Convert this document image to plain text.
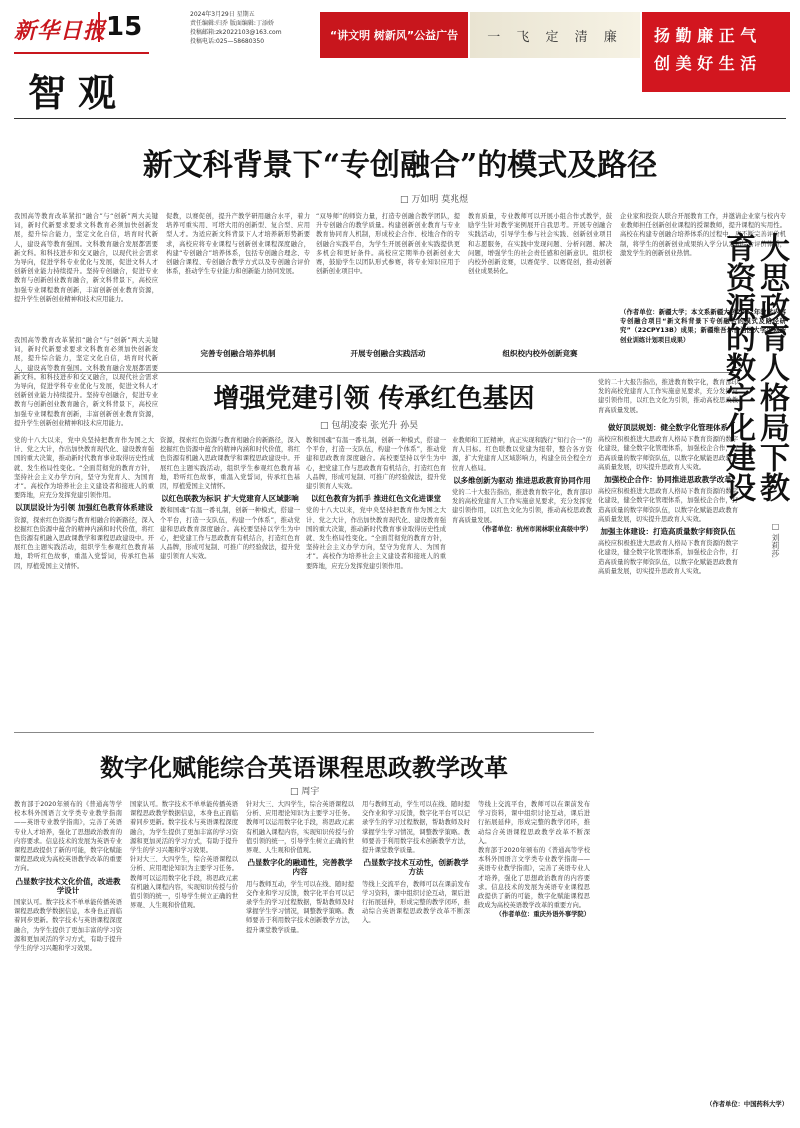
新华日报 15
智观
2024年3月29日 星期五
责任编辑:归乔 版面编辑:丁添娇
投稿邮箱:zk2022103@163.com
投稿电话:025—58680350	“讲文明 树新风”公益广告	一 飞 定 清 廉	扬 勤 廉 正 气
创 美 好 生 活
新文科背景下“专创融合”的模式及路径
□ 万如明 莫兆煜
我国高等教育改革紧扣“融合”与“创新”两大关键词，新时代新要求要求文科教育必须加快创新发展，提升综合能力，坚定文化自信，培育时代新人，建设高等教育强国。文科教育融合发展都需要新文科。和科技进步和交叉融合，以现代社会需求为导向，促进学科专业优化与发展，促进文科人才创新创业能力持续提升。坚持专创融合，促进专业教育与创新创业教育融合，新文科背景下，高校应加强专业课程教育创新，丰富创新创业教育资源，提升学生创新创业精神和技术应用能力。
促教，以赛促创，提升产教学研用融合水平，着力培养可重实用、可塔大用的创新型、复合型、应用型人才。为适应新文科背景下人才培养新形势新要求，高校应将专业课程与创新创业课程深度融合，构建“专创融合”培养体系，包括专创融合理念、专创融合课程、专创融合教学方式以及专创融合评价体系，推动学生专业能力和创新能力协同发展。
“双导师”的师资力量，打造专创融合教学团队，提升专创融合的教学质量。构建创新创业教育与专业教育协同育人机制，形成校企合作、校地合作的专创融合实践平台，为学生开展创新创业实践提供更多机会和更好条件。高校应定期举办创新创业大赛，鼓励学生以团队形式参赛，将专业知识应用于创新创业项目中。
教育质量，专业教师可以开展小组合作式教学，鼓励学生针对教学案例展开自我思考。开展专创融合实践活动，引导学生参与社会实践、创新创业项目和志愿服务，在实践中发现问题、分析问题、解决问题，增强学生的社会责任感和创新意识。组织校内校外创新竞赛，以赛促学、以赛促创，推动创新创业成果转化。
企业家和投资人联合开展教育工作，并邀请企业家与校内专业教师担任创新创业课程的授课教师，提升课程的实用性。高校在构建专创融合培养体系的过程中，应不断完善评价机制，将学生的创新创业成果纳入学分认定和综合评价体系，激发学生的创新创业热情。
（作者单位：新疆大学；本文系新疆大学2022年教学内容专创融合项目“新文科背景下专创融合的模式及路径研究”（22CPY13B）成果；新疆维吾尔自治区大学生创新创业训练计划项目成果）
完善专创融合培养机制	开展专创融合实践活动	组织校内校外创新竞赛
我国高等教育改革紧扣“融合”与“创新”两大关键词，新时代新要求要求文科教育必须加快创新发展，提升综合能力，坚定文化自信，培育时代新人，建设高等教育强国。文科教育融合发展都需要新文科。和科技进步和交叉融合，以现代社会需求为导向，促进学科专业优化与发展，促进文科人才创新创业能力持续提升。坚持专创融合，促进专业教育与创新创业教育融合，新文科背景下，高校应加强专业课程教育创新，丰富创新创业教育资源，提升学生创新创业精神和技术应用能力。
增强党建引领 传承红色基因
□ 包胡凌泰 张光升 孙昊
党的十八大以来，党中央坚持把教育作为国之大计、党之大计，作出加快教育现代化、建设教育强国的重大决策，推动新时代教育事业取得历史性成就、发生格局性变化。“全面贯彻党的教育方针，坚持社会主义办学方向，坚守为党育人、为国育才”。高校作为培养社会主义建设者和接班人的重要阵地，应充分发挥党建引领作用。
以顶层设计为引领 加强红色教育体系建设
资源，探索红色资源与教育相融合的新路径，深入挖掘红色资源中蕴含的精神内涵和时代价值，将红色资源有机融入思政课教学和课程思政建设中。开展红色主题实践活动，组织学生参观红色教育基地，聆听红色故事，重温入党誓词，传承红色基因，厚植爱国主义情怀。
资源，探索红色资源与教育相融合的新路径，深入挖掘红色资源中蕴含的精神内涵和时代价值，将红色资源有机融入思政课教学和课程思政建设中。开展红色主题实践活动，组织学生参观红色教育基地，聆听红色故事，重温入党誓词，传承红色基因，厚植爱国主义情怀。
以红色联教为标识 扩大党建育人区域影响
教和国魂“有温一番礼制，创新一种模式，搭建一个平台，打造一支队伍，构建一个体系”，推动党建和思政教育深度融合。高校要坚持以学生为中心，把党建工作与思政教育有机结合，打造红色育人品牌，形成可复制、可推广的经验做法，提升党建引领育人实效。
教和国魂“有温一番礼制，创新一种模式，搭建一个平台，打造一支队伍，构建一个体系”，推动党建和思政教育深度融合。高校要坚持以学生为中心，把党建工作与思政教育有机结合，打造红色育人品牌，形成可复制、可推广的经验做法，提升党建引领育人实效。
以红色教育为抓手 推进红色文化进课堂
党的十八大以来，党中央坚持把教育作为国之大计、党之大计，作出加快教育现代化、建设教育强国的重大决策，推动新时代教育事业取得历史性成就、发生格局性变化。“全面贯彻党的教育方针，坚持社会主义办学方向，坚守为党育人、为国育才”。高校作为培养社会主义建设者和接班人的重要阵地，应充分发挥党建引领作用。
业教师和工匠精神，真正实现和践行“知行合一”的育人目标。红色联教以党建为纽带，整合各方资源，扩大党建育人区域影响力，构建全员全程全方位育人格局。
以多维创新为驱动 推进思政教育协同作用
党的二十大报告指出，推进教育数字化，教育部印发的高校党建育人工作实施意见要求，充分发挥党建引领作用，以红色文化为引领，推动高校思政教育高质量发展。
（作者单位：杭州市闲林职业高级中学）
党的二十大报告指出，推进教育数字化，教育部印发的高校党建育人工作实施意见要求，充分发挥党建引领作用，以红色文化为引领，推动高校思政教育高质量发展。
做好顶层规划：健全数字化管理体系
高校应积极推进大思政育人格局下教育资源的数字化建设，健全数字化管理体系，加强校企合作，打造高质量的数字师资队伍，以数字化赋能思政教育高质量发展，切实提升思政育人实效。
加强校企合作：协同推进思政教学改革
高校应积极推进大思政育人格局下教育资源的数字化建设，健全数字化管理体系，加强校企合作，打造高质量的数字师资队伍，以数字化赋能思政教育高质量发展，切实提升思政育人实效。
加强主体建设：打造高质量数字师资队伍
高校应积极推进大思政育人格局下教育资源的数字化建设，健全数字化管理体系，加强校企合作，打造高质量的数字师资队伍，以数字化赋能思政教育高质量发展，切实提升思政育人实效。
（作者单位：中国药科大学）
大思政育人格局下教育资源的数字化建设
□ 刘莉莎
数字化赋能综合英语课程思政教学改革
□ 周宇
教育部于2020年颁布的《普通高等学校本科外国语言文学类专业教学指南——英语专业教学指南》，完善了英语专业人才培养，强化了思想政治教育的内容要求。信息技术的发展为英语专业课程思政提供了新的可能，数字化赋能课程思政成为高校英语教学改革的重要方向。
凸显数字技术文化价值，改进教学设计
国家认可。数字技术不单单能传播英语课程思政教学数据信息，本身也正面临着同步更新。数字技术与英语课程深度融合，为学生提供了更加丰富的学习资源和更加灵活的学习方式，有助于提升学生的学习兴趣和学习效果。
国家认可。数字技术不单单能传播英语课程思政教学数据信息，本身也正面临着同步更新。数字技术与英语课程深度融合，为学生提供了更加丰富的学习资源和更加灵活的学习方式，有助于提升学生的学习兴趣和学习效果。
针对大三、大四学生，综合英语课程以分析、应用理论知识为主要学习任务。教师可以运用数字化手段，将思政元素有机融入课程内容，实现知识传授与价值引领的统一，引导学生树立正确的世界观、人生观和价值观。
针对大三、大四学生，综合英语课程以分析、应用理论知识为主要学习任务。教师可以运用数字化手段，将思政元素有机融入课程内容，实现知识传授与价值引领的统一，引导学生树立正确的世界观、人生观和价值观。
凸显数字化的融通性，完善教学内容
用与教师互动，学生可以在线、随时提交作业和学习反馈，数字化平台可以记录学生的学习过程数据，帮助教师及时掌握学生学习情况，调整教学策略。教师要善于利用数字技术创新教学方法，提升课堂教学质量。
用与教师互动，学生可以在线、随时提交作业和学习反馈，数字化平台可以记录学生的学习过程数据，帮助教师及时掌握学生学习情况，调整教学策略。教师要善于利用数字技术创新教学方法，提升课堂教学质量。
凸显数字技术互动性，创新教学方法
等线上交流平台，教师可以在课前发布学习资料，课中组织讨论互动，课后进行拓展延伸，形成完整的教学闭环，推动综合英语课程思政教学改革不断深入。
等线上交流平台，教师可以在课前发布学习资料，课中组织讨论互动，课后进行拓展延伸，形成完整的教学闭环，推动综合英语课程思政教学改革不断深入。
教育部于2020年颁布的《普通高等学校本科外国语言文学类专业教学指南——英语专业教学指南》，完善了英语专业人才培养，强化了思想政治教育的内容要求。信息技术的发展为英语专业课程思政提供了新的可能，数字化赋能课程思政成为高校英语教学改革的重要方向。
（作者单位：重庆外语外事学院）
